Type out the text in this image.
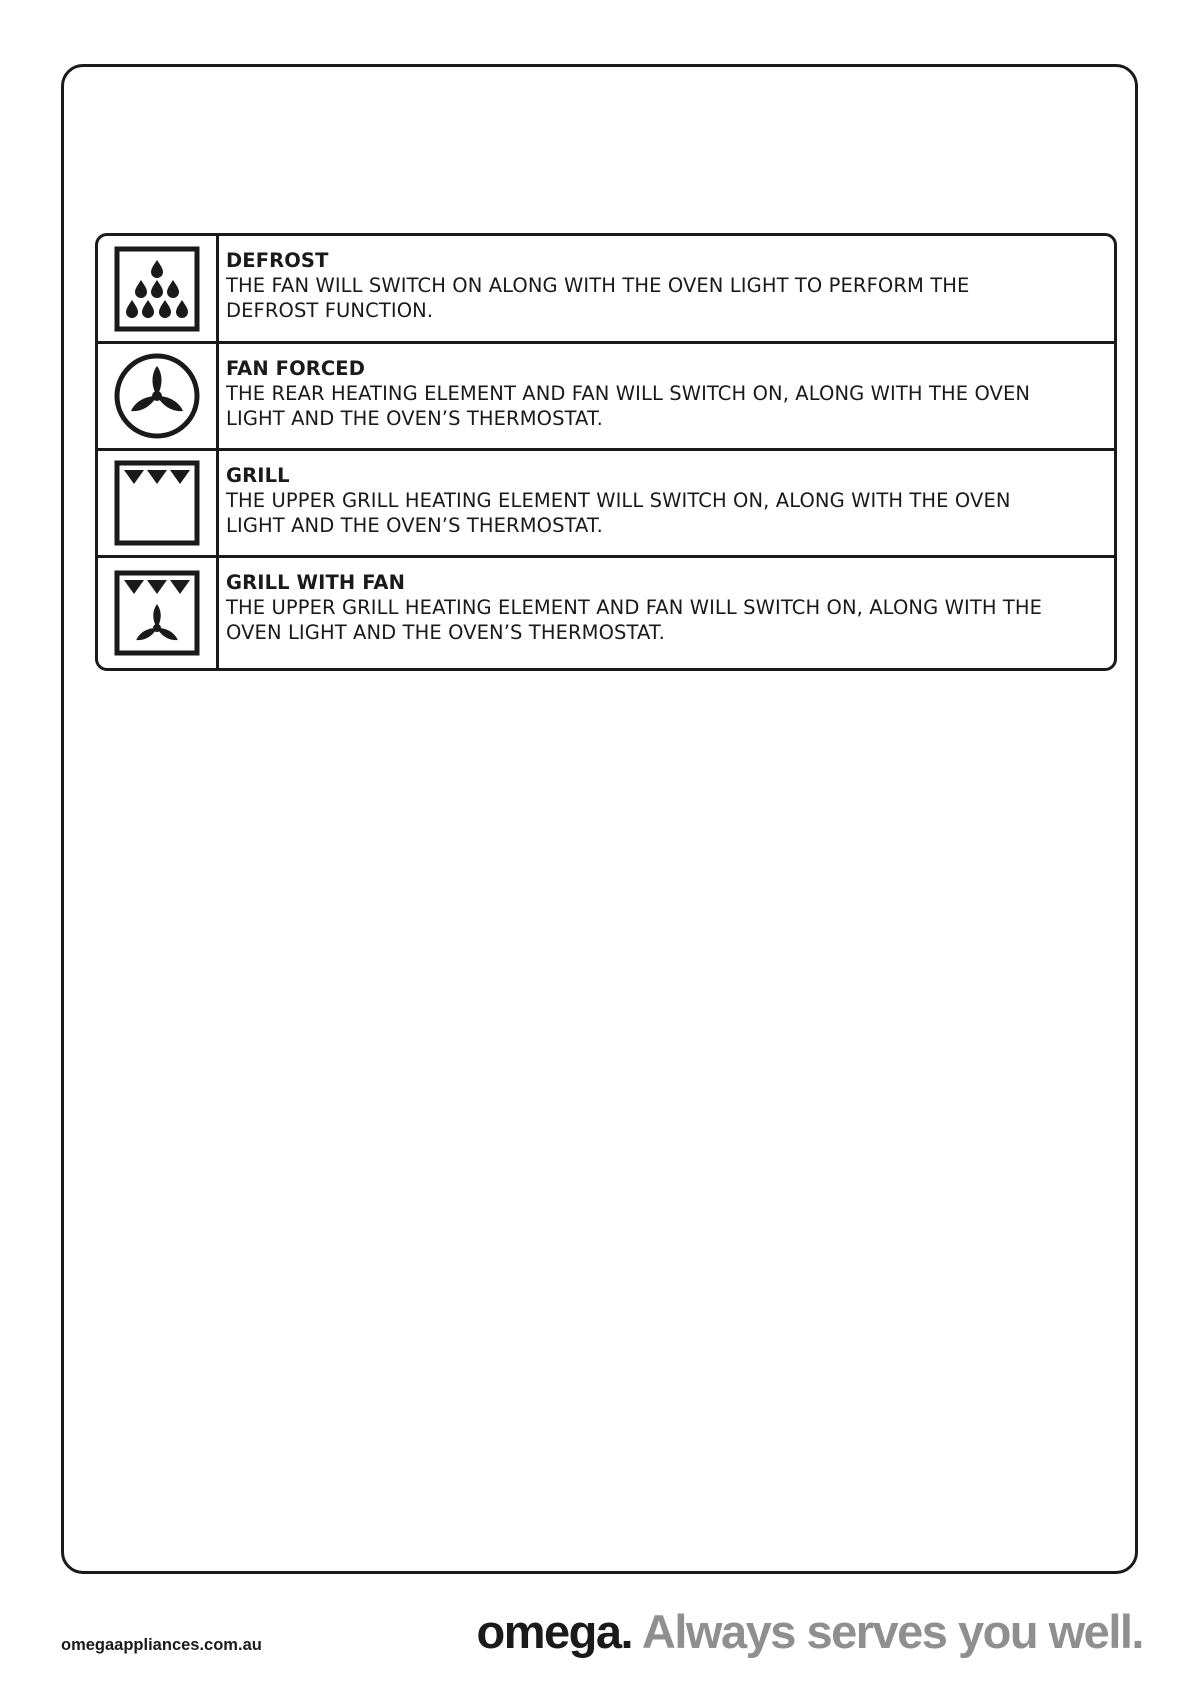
DEFROST
THE FAN WILL SWITCH ON ALONG WITH THE OVEN LIGHT TO PERFORM THE
DEFROST FUNCTION.
FAN FORCED
THE REAR HEATING ELEMENT AND FAN WILL SWITCH ON, ALONG WITH THE OVEN
LIGHT AND THE OVEN’S THERMOSTAT.
GRILL
THE UPPER GRILL HEATING ELEMENT WILL SWITCH ON, ALONG WITH THE OVEN
LIGHT AND THE OVEN’S THERMOSTAT.
GRILL WITH FAN
THE UPPER GRILL HEATING ELEMENT AND FAN WILL SWITCH ON, ALONG WITH THE
OVEN LIGHT AND THE OVEN’S THERMOSTAT.
omegaappliances.com.au	omega. Always serves you well.
